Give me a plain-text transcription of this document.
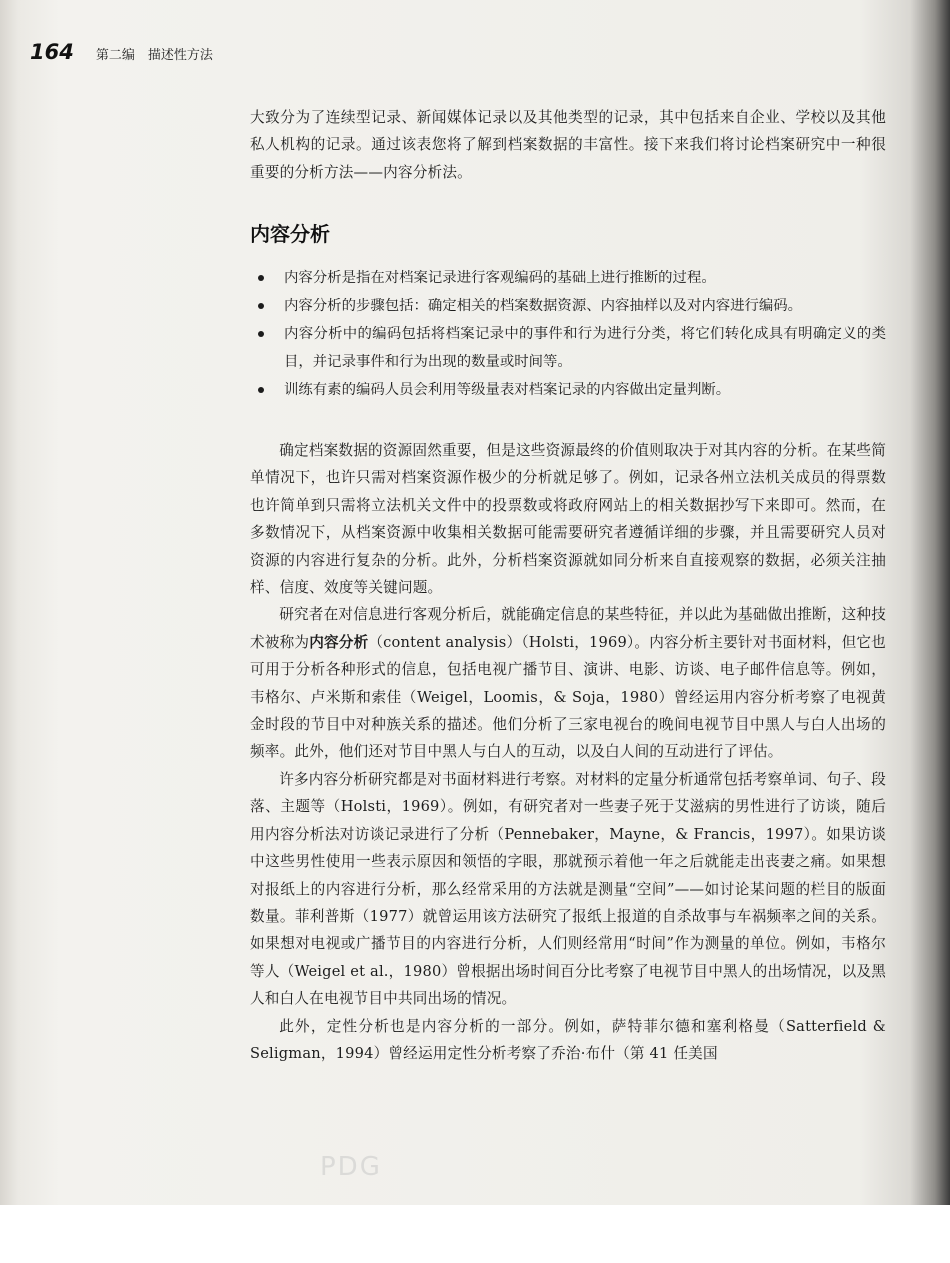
164 第二编　描述性方法
大致分为了连续型记录、新闻媒体记录以及其他类型的记录，其中包括来自企业、学校以及其他私人机构的记录。通过该表您将了解到档案数据的丰富性。接下来我们将讨论档案研究中一种很重要的分析方法——内容分析法。
内容分析
内容分析是指在对档案记录进行客观编码的基础上进行推断的过程。
内容分析的步骤包括：确定相关的档案数据资源、内容抽样以及对内容进行编码。
内容分析中的编码包括将档案记录中的事件和行为进行分类，将它们转化成具有明确定义的类目，并记录事件和行为出现的数量或时间等。
训练有素的编码人员会利用等级量表对档案记录的内容做出定量判断。

确定档案数据的资源固然重要，但是这些资源最终的价值则取决于对其内容的分析。在某些简单情况下，也许只需对档案资源作极少的分析就足够了。例如，记录各州立法机关成员的得票数也许简单到只需将立法机关文件中的投票数或将政府网站上的相关数据抄写下来即可。然而，在多数情况下，从档案资源中收集相关数据可能需要研究者遵循详细的步骤，并且需要研究人员对资源的内容进行复杂的分析。此外，分析档案资源就如同分析来自直接观察的数据，必须关注抽样、信度、效度等关键问题。

研究者在对信息进行客观分析后，就能确定信息的某些特征，并以此为基础做出推断，这种技术被称为内容分析（content analysis）（Holsti，1969）。内容分析主要针对书面材料，但它也可用于分析各种形式的信息，包括电视广播节目、演讲、电影、访谈、电子邮件信息等。例如，韦格尔、卢米斯和索佳（Weigel，Loomis，& Soja，1980）曾经运用内容分析考察了电视黄金时段的节目中对种族关系的描述。他们分析了三家电视台的晚间电视节目中黑人与白人出场的频率。此外，他们还对节目中黑人与白人的互动，以及白人间的互动进行了评估。

许多内容分析研究都是对书面材料进行考察。对材料的定量分析通常包括考察单词、句子、段落、主题等（Holsti，1969）。例如，有研究者对一些妻子死于艾滋病的男性进行了访谈，随后用内容分析法对访谈记录进行了分析（Pennebaker，Mayne，& Francis，1997）。如果访谈中这些男性使用一些表示原因和领悟的字眼，那就预示着他一年之后就能走出丧妻之痛。如果想对报纸上的内容进行分析，那么经常采用的方法就是测量“空间”——如讨论某问题的栏目的版面数量。菲利普斯（1977）就曾运用该方法研究了报纸上报道的自杀故事与车祸频率之间的关系。如果想对电视或广播节目的内容进行分析，人们则经常用“时间”作为测量的单位。例如，韦格尔等人（Weigel et al.，1980）曾根据出场时间百分比考察了电视节目中黑人的出场情况，以及黑人和白人在电视节目中共同出场的情况。

此外，定性分析也是内容分析的一部分。例如，萨特菲尔德和塞利格曼（Satterfield & Seligman，1994）曾经运用定性分析考察了乔治·布什（第 41 任美国

PDG
